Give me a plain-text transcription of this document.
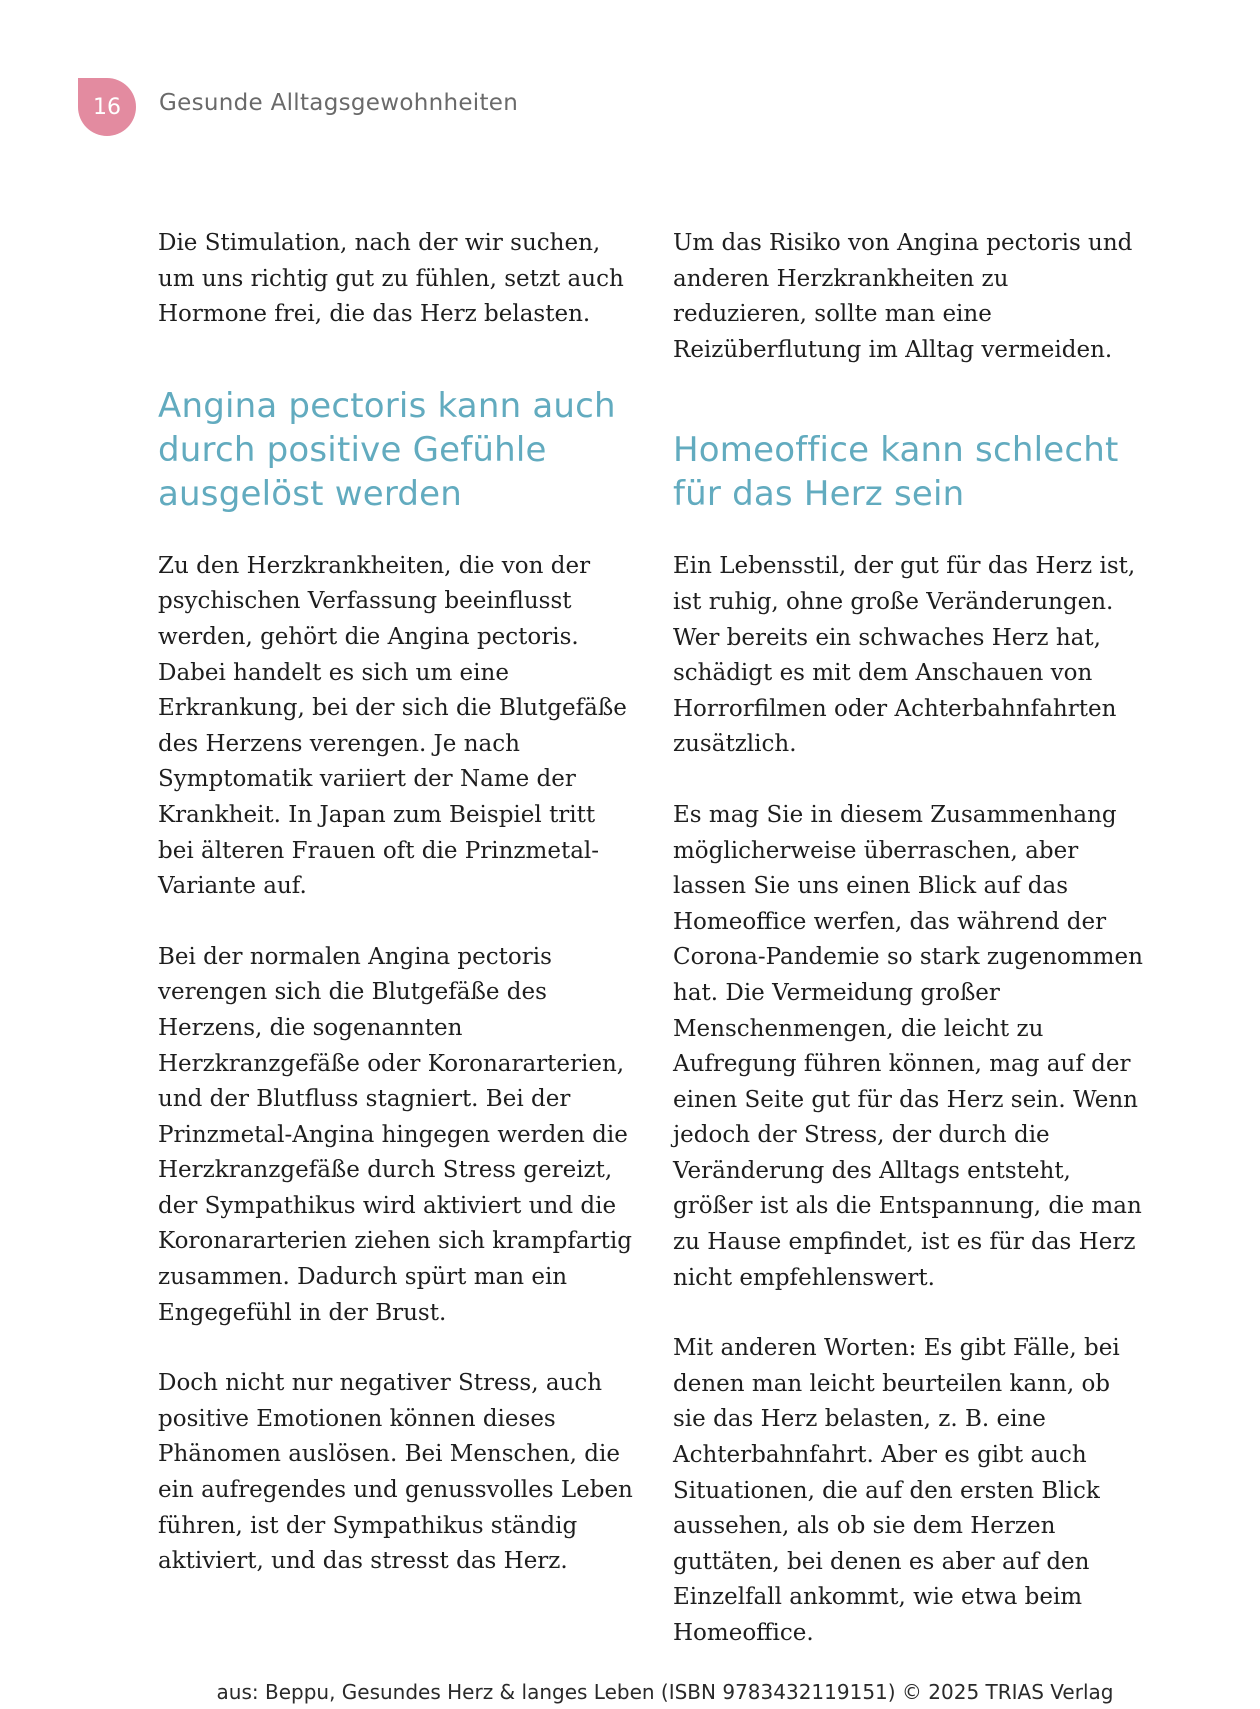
16 Gesunde Alltagsgewohnheiten

Die Stimulation, nach der wir suchen, um uns richtig gut zu fühlen, setzt auch Hormone frei, die das Herz belasten.

Angina pectoris kann auch durch positive Gefühle ausgelöst werden

Zu den Herzkrankheiten, die von der psychischen Verfassung beeinflusst werden, gehört die Angina pectoris. Dabei handelt es sich um eine Erkrankung, bei der sich die Blutgefäße des Herzens verengen. Je nach Symptomatik variiert der Name der Krankheit. In Japan zum Beispiel tritt bei älteren Frauen oft die Prinzmetal-Variante auf.

Bei der normalen Angina pectoris verengen sich die Blutgefäße des Herzens, die sogenannten Herzkranzgefäße oder Koronararterien, und der Blutfluss stagniert. Bei der Prinzmetal-Angina hingegen werden die Herzkranzgefäße durch Stress gereizt, der Sympathikus wird aktiviert und die Koronararterien ziehen sich krampfartig zusammen. Dadurch spürt man ein Engegefühl in der Brust.

Doch nicht nur negativer Stress, auch positive Emotionen können dieses Phänomen auslösen. Bei Menschen, die ein aufregendes und genussvolles Leben führen, ist der Sympathikus ständig aktiviert, und das stresst das Herz.

Um das Risiko von Angina pectoris und anderen Herzkrankheiten zu reduzieren, sollte man eine Reizüberflutung im Alltag vermeiden.

Homeoffice kann schlecht für das Herz sein

Ein Lebensstil, der gut für das Herz ist, ist ruhig, ohne große Veränderungen. Wer bereits ein schwaches Herz hat, schädigt es mit dem Anschauen von Horrorfilmen oder Achterbahnfahrten zusätzlich.

Es mag Sie in diesem Zusammenhang möglicherweise überraschen, aber lassen Sie uns einen Blick auf das Homeoffice werfen, das während der Corona-Pandemie so stark zugenommen hat. Die Vermeidung großer Menschenmengen, die leicht zu Aufregung führen können, mag auf der einen Seite gut für das Herz sein. Wenn jedoch der Stress, der durch die Veränderung des Alltags entsteht, größer ist als die Entspannung, die man zu Hause empfindet, ist es für das Herz nicht empfehlenswert.

Mit anderen Worten: Es gibt Fälle, bei denen man leicht beurteilen kann, ob sie das Herz belasten, z. B. eine Achterbahnfahrt. Aber es gibt auch Situationen, die auf den ersten Blick aussehen, als ob sie dem Herzen guttäten, bei denen es aber auf den Einzelfall ankommt, wie etwa beim Homeoffice.

aus: Beppu, Gesundes Herz & langes Leben (ISBN 9783432119151) © 2025 TRIAS Verlag
